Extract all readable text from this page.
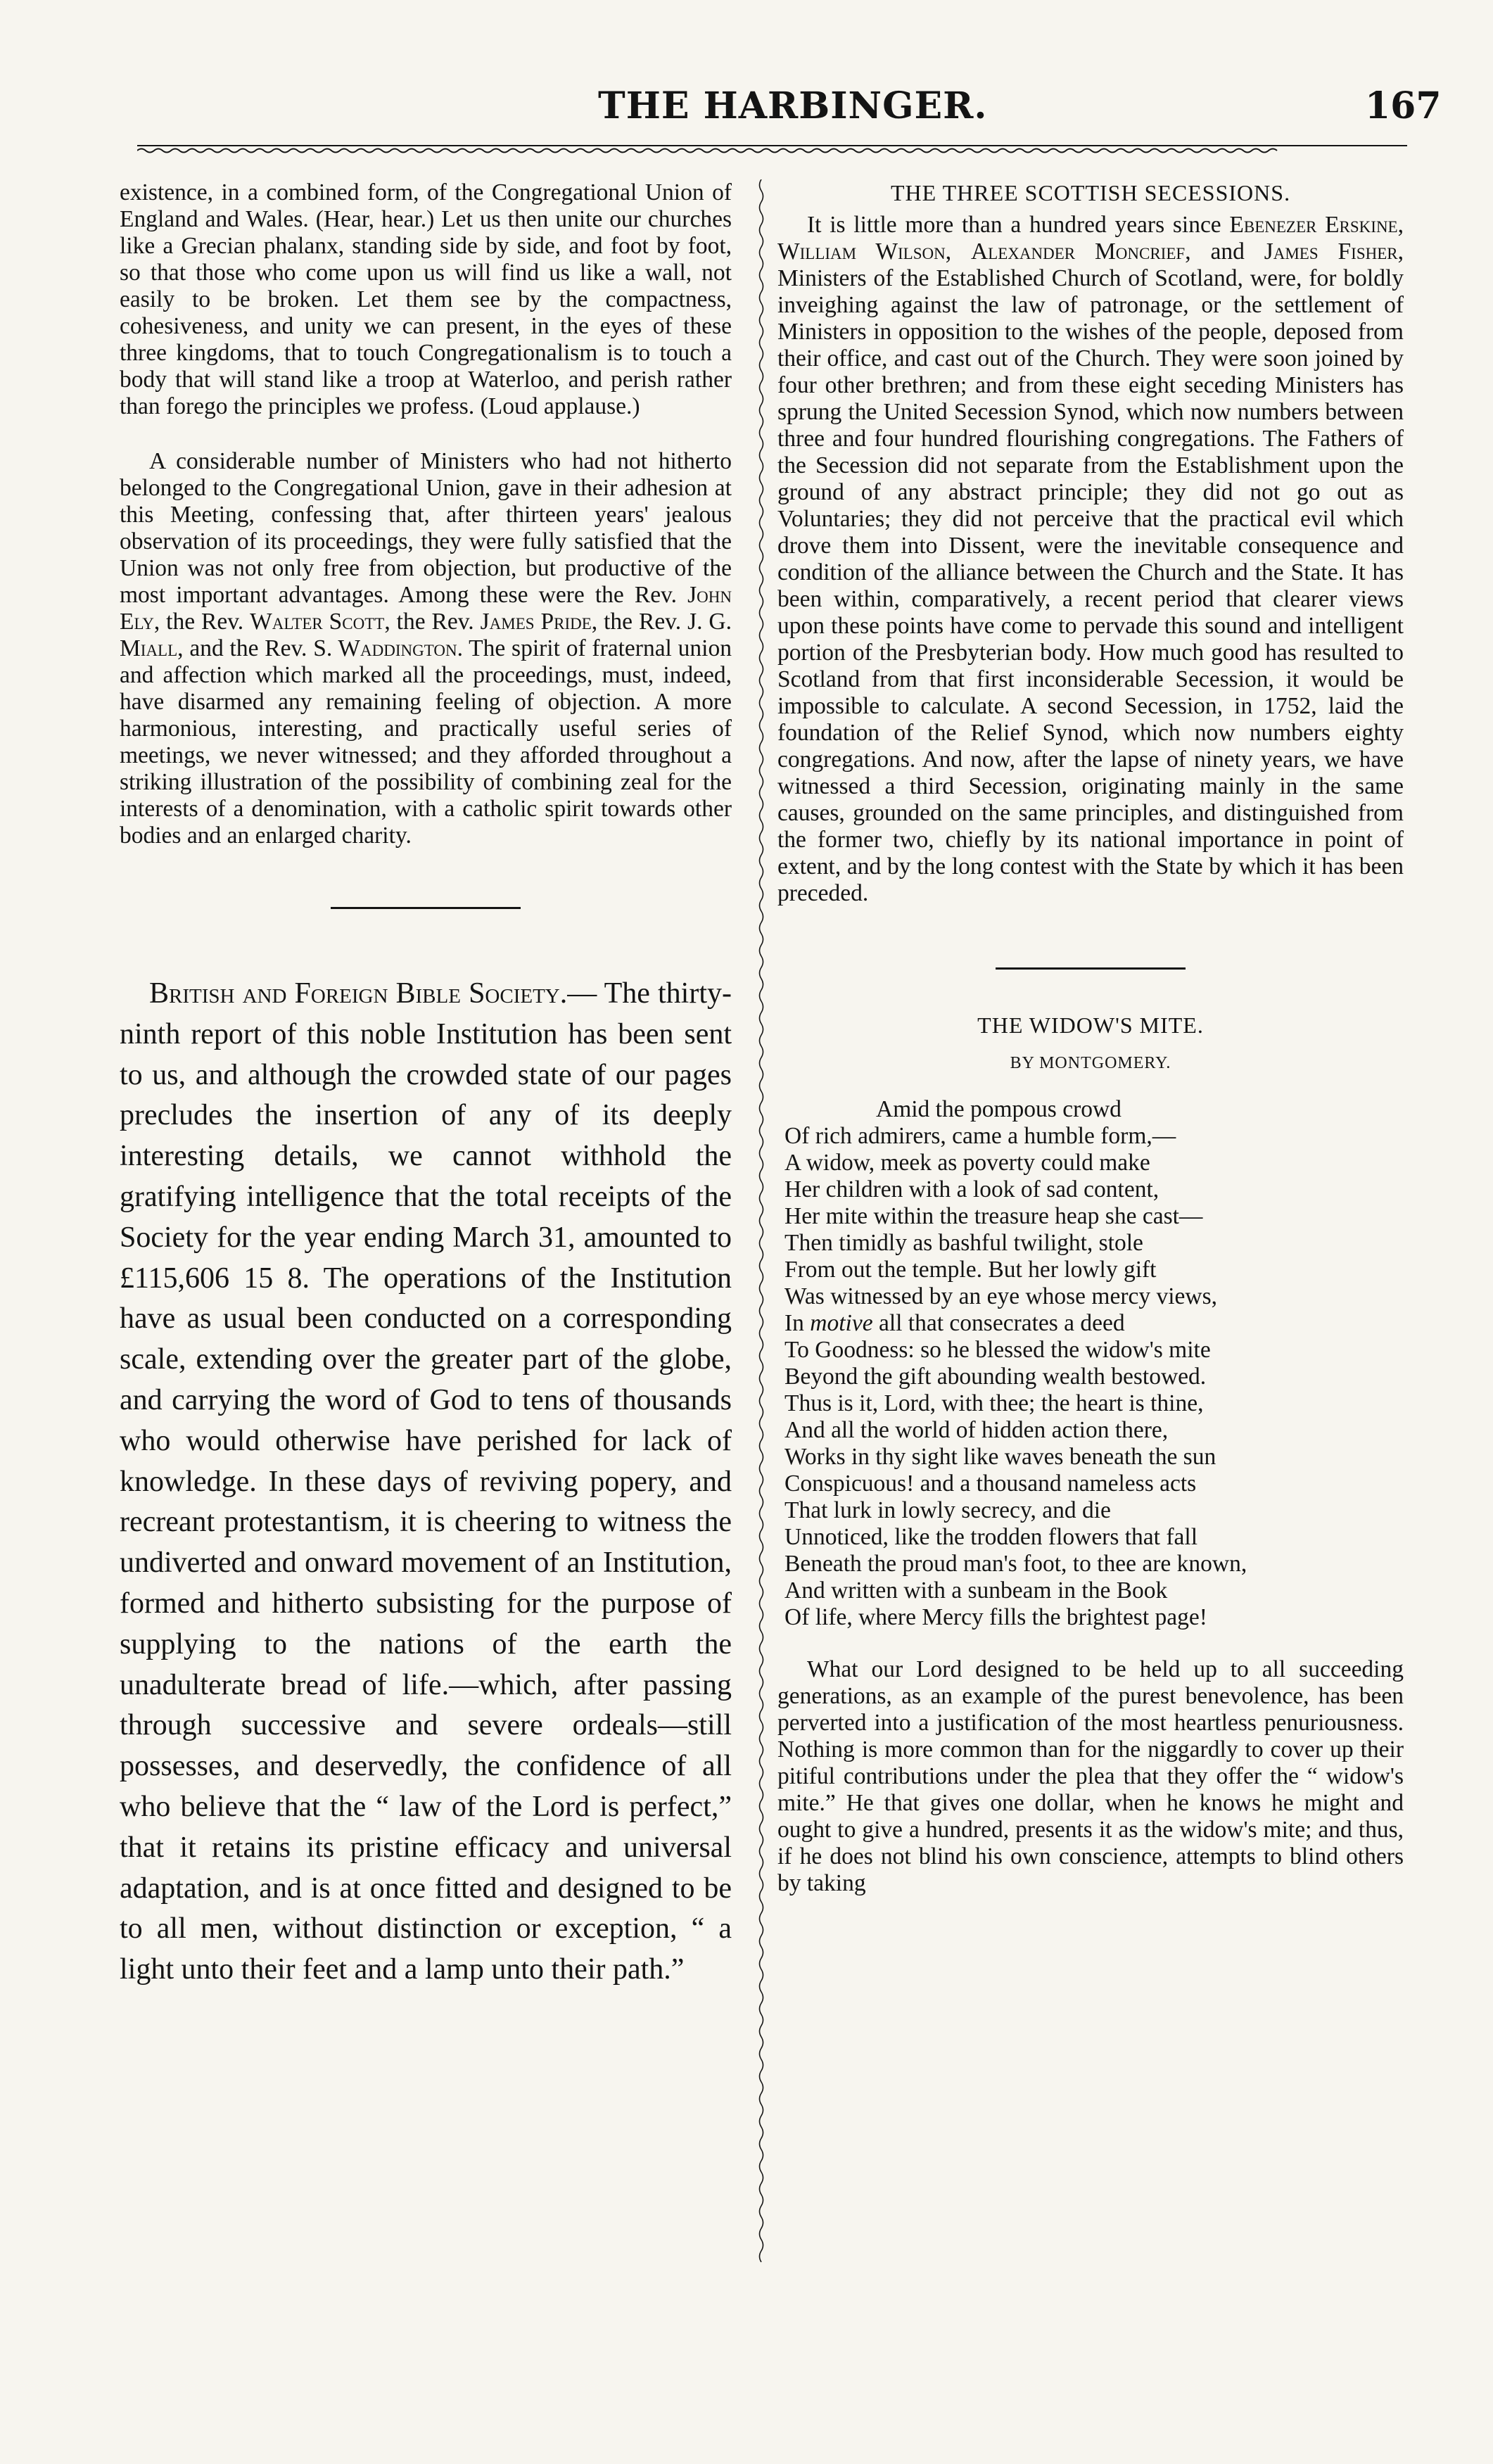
THE HARBINGER.	167

existence, in a combined form, of the Congregational Union of England and Wales. (Hear, hear.) Let us then unite our churches like a Grecian phalanx, standing side by side, and foot by foot, so that those who come upon us will find us like a wall, not easily to be broken. Let them see by the compactness, cohesiveness, and unity we can present, in the eyes of these three kingdoms, that to touch Congregationalism is to touch a body that will stand like a troop at Waterloo, and perish rather than forego the principles we profess. (Loud applause.)

A considerable number of Ministers who had not hitherto belonged to the Congregational Union, gave in their adhesion at this Meeting, confessing that, after thirteen years' jealous observation of its proceedings, they were fully satisfied that the Union was not only free from objection, but productive of the most important advantages. Among these were the Rev. John Ely, the Rev. Walter Scott, the Rev. James Pride, the Rev. J. G. Miall, and the Rev. S. Waddington. The spirit of fraternal union and affection which marked all the proceedings, must, indeed, have disarmed any remaining feeling of objection. A more harmonious, interesting, and practically useful series of meetings, we never witnessed; and they afforded throughout a striking illustration of the possibility of combining zeal for the interests of a denomination, with a catholic spirit towards other bodies and an enlarged charity.

British and Foreign Bible Society.— The thirty-ninth report of this noble Institution has been sent to us, and although the crowded state of our pages precludes the insertion of any of its deeply interesting details, we cannot withhold the gratifying intelligence that the total receipts of the Society for the year ending March 31, amounted to £115,606 15 8. The operations of the Institution have as usual been conducted on a corresponding scale, extending over the greater part of the globe, and carrying the word of God to tens of thousands who would otherwise have perished for lack of knowledge. In these days of reviving popery, and recreant protestantism, it is cheering to witness the undiverted and onward movement of an Institution, formed and hitherto subsisting for the purpose of supplying to the nations of the earth the unadulterate bread of life.—which, after passing through successive and severe ordeals—still possesses, and deservedly, the confidence of all who believe that the “ law of the Lord is perfect,” that it retains its pristine efficacy and universal adaptation, and is at once fitted and designed to be to all men, without distinction or exception, “ a light unto their feet and a lamp unto their path.”

THE THREE SCOTTISH SECESSIONS.

It is little more than a hundred years since Ebenezer Erskine, William Wilson, Alexander Moncrief, and James Fisher, Ministers of the Established Church of Scotland, were, for boldly inveighing against the law of patronage, or the settlement of Ministers in opposition to the wishes of the people, deposed from their office, and cast out of the Church. They were soon joined by four other brethren; and from these eight seceding Ministers has sprung the United Secession Synod, which now numbers between three and four hundred flourishing congregations. The Fathers of the Secession did not separate from the Establishment upon the ground of any abstract principle; they did not go out as Voluntaries; they did not perceive that the practical evil which drove them into Dissent, were the inevitable consequence and condition of the alliance between the Church and the State. It has been within, comparatively, a recent period that clearer views upon these points have come to pervade this sound and intelligent portion of the Presbyterian body. How much good has resulted to Scotland from that first inconsiderable Secession, it would be impossible to calculate. A second Secession, in 1752, laid the foundation of the Relief Synod, which now numbers eighty congregations. And now, after the lapse of ninety years, we have witnessed a third Secession, originating mainly in the same causes, grounded on the same principles, and distinguished from the former two, chiefly by its national importance in point of extent, and by the long contest with the State by which it has been preceded.

THE WIDOW'S MITE.
BY MONTGOMERY.
Amid the pompous crowd
Of rich admirers, came a humble form,—
A widow, meek as poverty could make
Her children with a look of sad content,
Her mite within the treasure heap she cast—
Then timidly as bashful twilight, stole
From out the temple. But her lowly gift
Was witnessed by an eye whose mercy views,
In motive all that consecrates a deed
To Goodness: so he blessed the widow's mite
Beyond the gift abounding wealth bestowed.
Thus is it, Lord, with thee; the heart is thine,
And all the world of hidden action there,
Works in thy sight like waves beneath the sun
Conspicuous! and a thousand nameless acts
That lurk in lowly secrecy, and die
Unnoticed, like the trodden flowers that fall
Beneath the proud man's foot, to thee are known,
And written with a sunbeam in the Book
Of life, where Mercy fills the brightest page!

What our Lord designed to be held up to all succeeding generations, as an example of the purest benevolence, has been perverted into a justification of the most heartless penuriousness. Nothing is more common than for the niggardly to cover up their pitiful contributions under the plea that they offer the “ widow's mite.” He that gives one dollar, when he knows he might and ought to give a hundred, presents it as the widow's mite; and thus, if he does not blind his own conscience, attempts to blind others by taking
